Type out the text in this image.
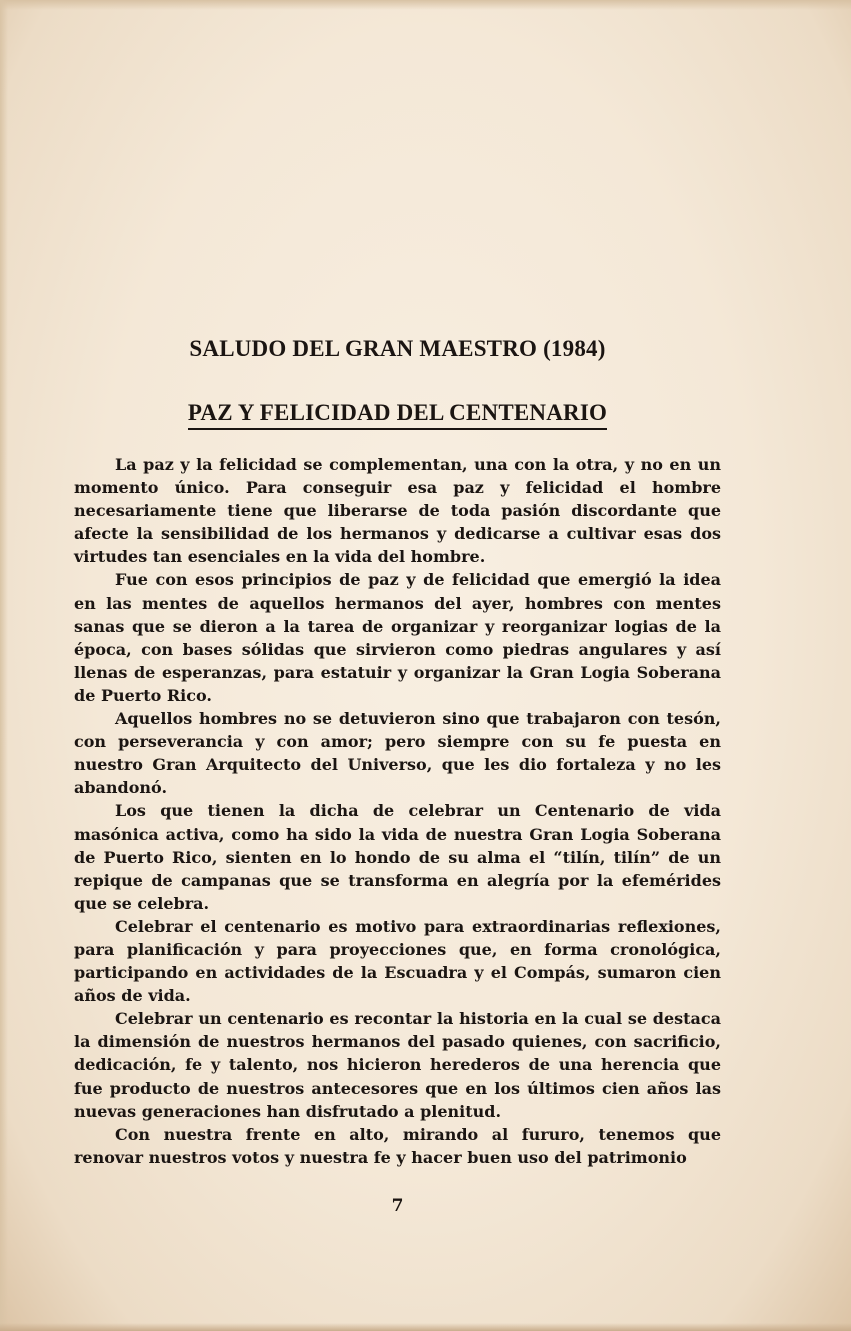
SALUDO DEL GRAN MAESTRO (1984)
PAZ Y FELICIDAD DEL CENTENARIO

La paz y la felicidad se complementan, una con la otra, y no en un momento único. Para conseguir esa paz y felicidad el hombre necesariamente tiene que liberarse de toda pasión discordante que afecte la sensibilidad de los hermanos y dedicarse a cultivar esas dos virtudes tan esenciales en la vida del hombre.

Fue con esos principios de paz y de felicidad que emergió la idea en las mentes de aquellos hermanos del ayer, hombres con mentes sanas que se dieron a la tarea de organizar y reorganizar logias de la época, con bases sólidas que sirvieron como piedras angulares y así llenas de esperanzas, para estatuir y organizar la Gran Logia Soberana de Puerto Rico.

Aquellos hombres no se detuvieron sino que trabajaron con tesón, con perseverancia y con amor; pero siempre con su fe puesta en nuestro Gran Arquitecto del Universo, que les dio fortaleza y no les abandonó.

Los que tienen la dicha de celebrar un Centenario de vida masónica activa, como ha sido la vida de nuestra Gran Logia Soberana de Puerto Rico, sienten en lo hondo de su alma el “tilín, tilín” de un repique de campanas que se transforma en alegría por la efemérides que se celebra.

Celebrar el centenario es motivo para extraordinarias reflexiones, para planificación y para proyecciones que, en forma cronológica, participando en actividades de la Escuadra y el Compás, sumaron cien años de vida.

Celebrar un centenario es recontar la historia en la cual se destaca la dimensión de nuestros hermanos del pasado quienes, con sacrificio, dedicación, fe y talento, nos hicieron herederos de una herencia que fue producto de nuestros antecesores que en los últimos cien años las nuevas generaciones han disfrutado a plenitud.

Con nuestra frente en alto, mirando al fururo, tenemos que renovar nuestros votos y nuestra fe y hacer buen uso del patrimonio

7
